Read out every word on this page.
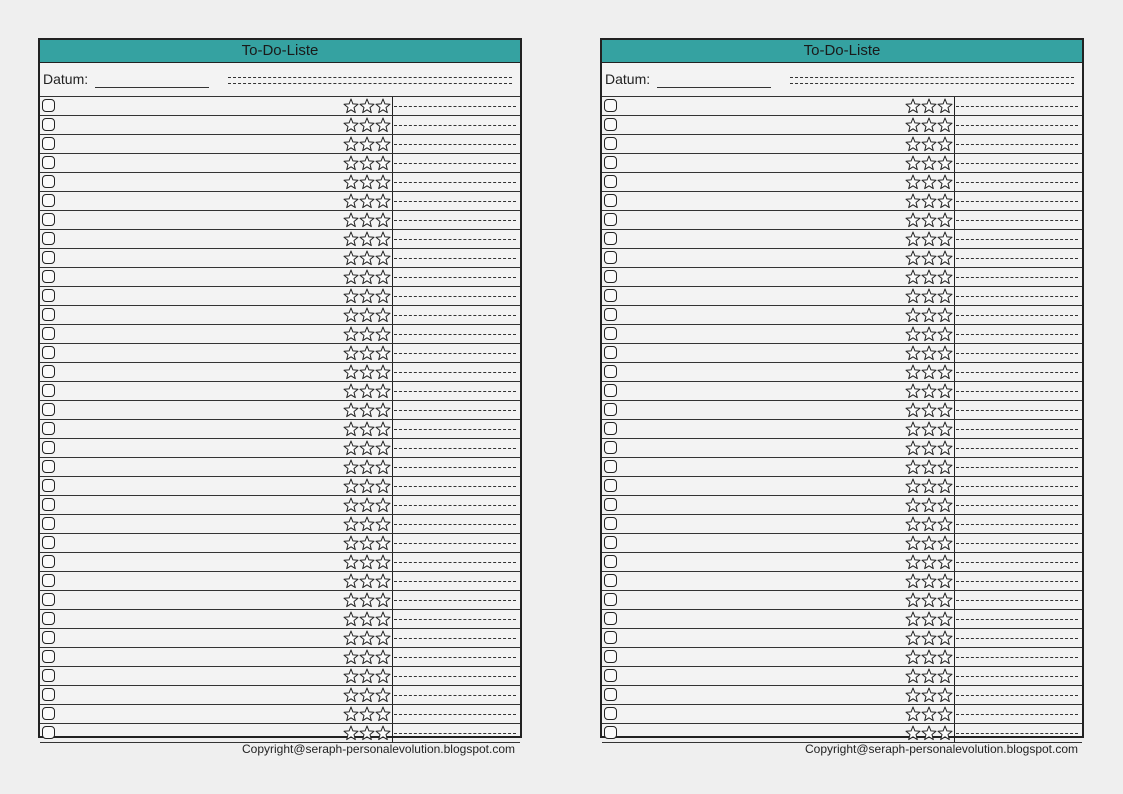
To-Do-Liste
Datum:
To-Do-Liste
Datum:
Copyright@seraph-personalevolution.blogspot.com	Copyright@seraph-personalevolution.blogspot.com
